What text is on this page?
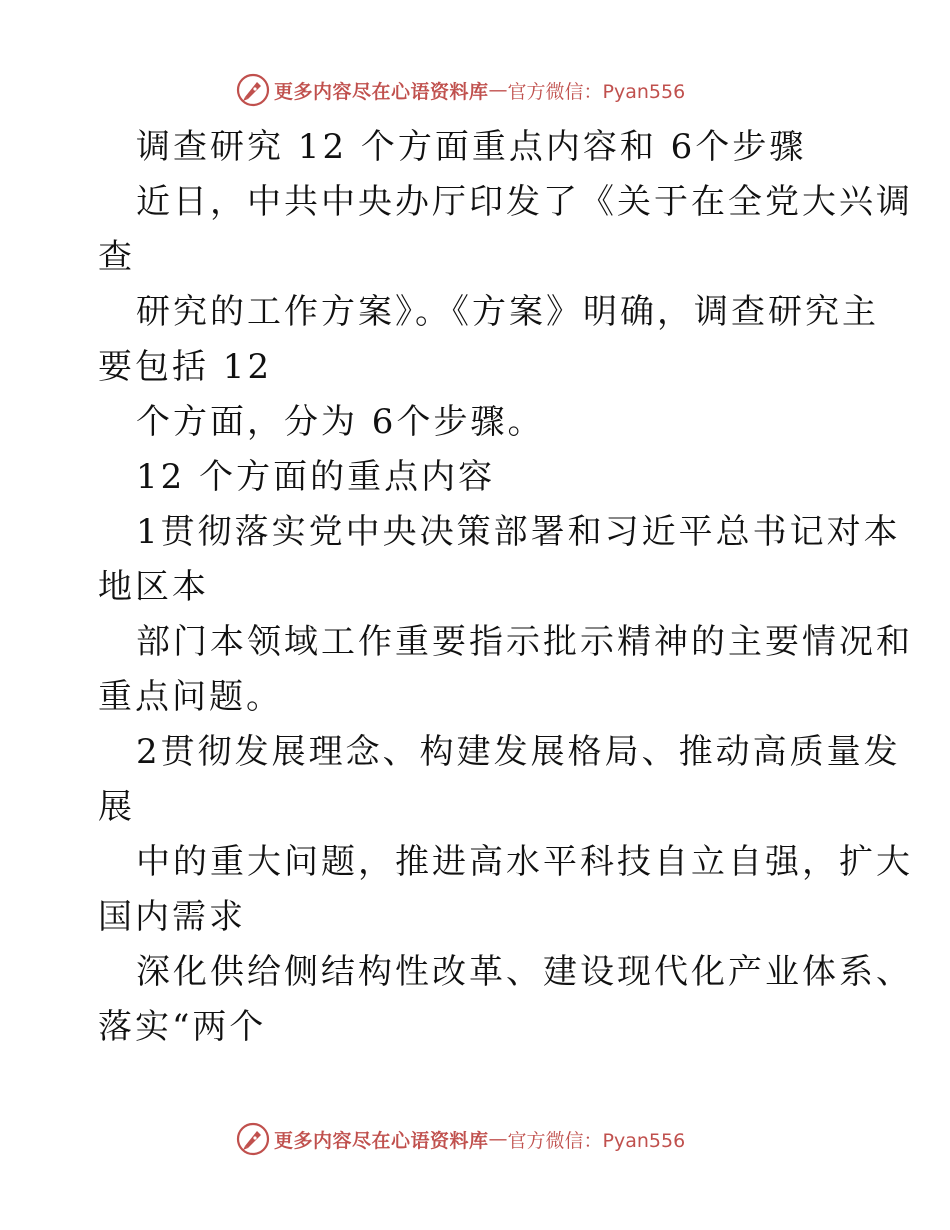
更多内容尽在心语资料库 — 官方微信：Pyan556
调查研究 12 个方面重点内容和 6个步骤
近日，中共中央办厅印发了《关于在全党大兴调
查
研究的工作方案》。《方案》明确，调查研究主
要包括 12
个方面，分为 6个步骤。
12 个方面的重点内容
1贯彻落实党中央决策部署和习近平总书记对本
地区本
部门本领域工作重要指示批示精神的主要情况和
重点问题。
2贯彻发展理念、构建发展格局、推动高质量发
展
中的重大问题，推进高水平科技自立自强，扩大
国内需求
深化供给侧结构性改革、建设现代化产业体系、
落实“两个
更多内容尽在心语资料库 — 官方微信：Pyan556
